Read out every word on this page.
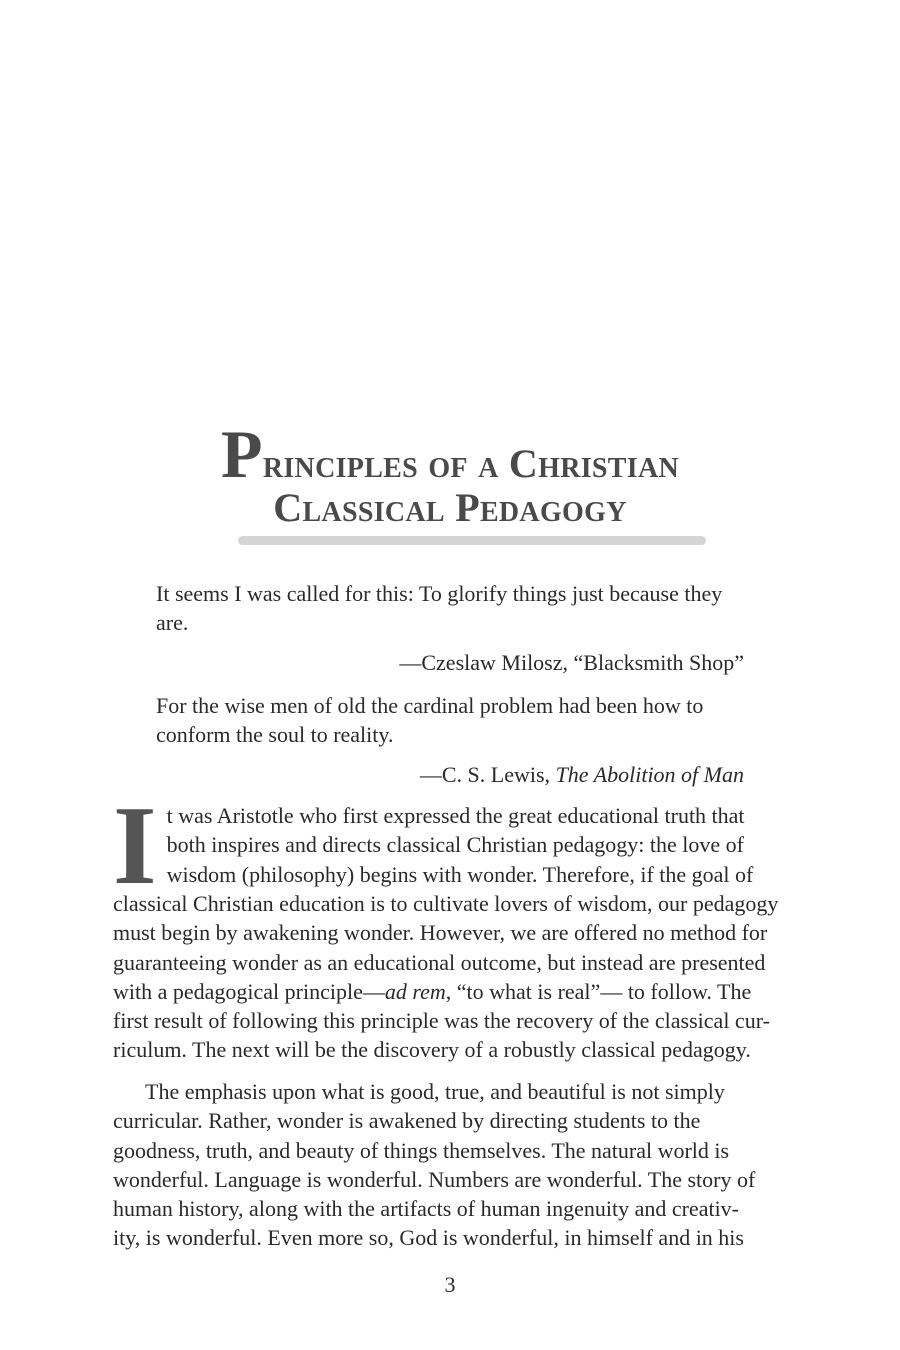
Principles of a Christian
Classical Pedagogy
It seems I was called for this: To glorify things just because they
are.
—Czeslaw Milosz, “Blacksmith Shop”
For the wise men of old the cardinal problem had been how to
conform the soul to reality.
—C. S. Lewis, The Abolition of Man

I t was Aristotle who first expressed the great educational truth that
both inspires and directs classical Christian pedagogy: the love of
wisdom (philosophy) begins with wonder. Therefore, if the goal of
classical Christian education is to cultivate lovers of wisdom, our pedagogy
must begin by awakening wonder. However, we are offered no method for
guaranteeing wonder as an educational outcome, but instead are presented
with a pedagogical principle—ad rem, “to what is real”— to follow. The
first result of following this principle was the recovery of the classical cur-
riculum. The next will be the discovery of a robustly classical pedagogy.

The emphasis upon what is good, true, and beautiful is not simply
curricular. Rather, wonder is awakened by directing students to the
goodness, truth, and beauty of things themselves. The natural world is
wonderful. Language is wonderful. Numbers are wonderful. The story of
human history, along with the artifacts of human ingenuity and creativ-
ity, is wonderful. Even more so, God is wonderful, in himself and in his

3
